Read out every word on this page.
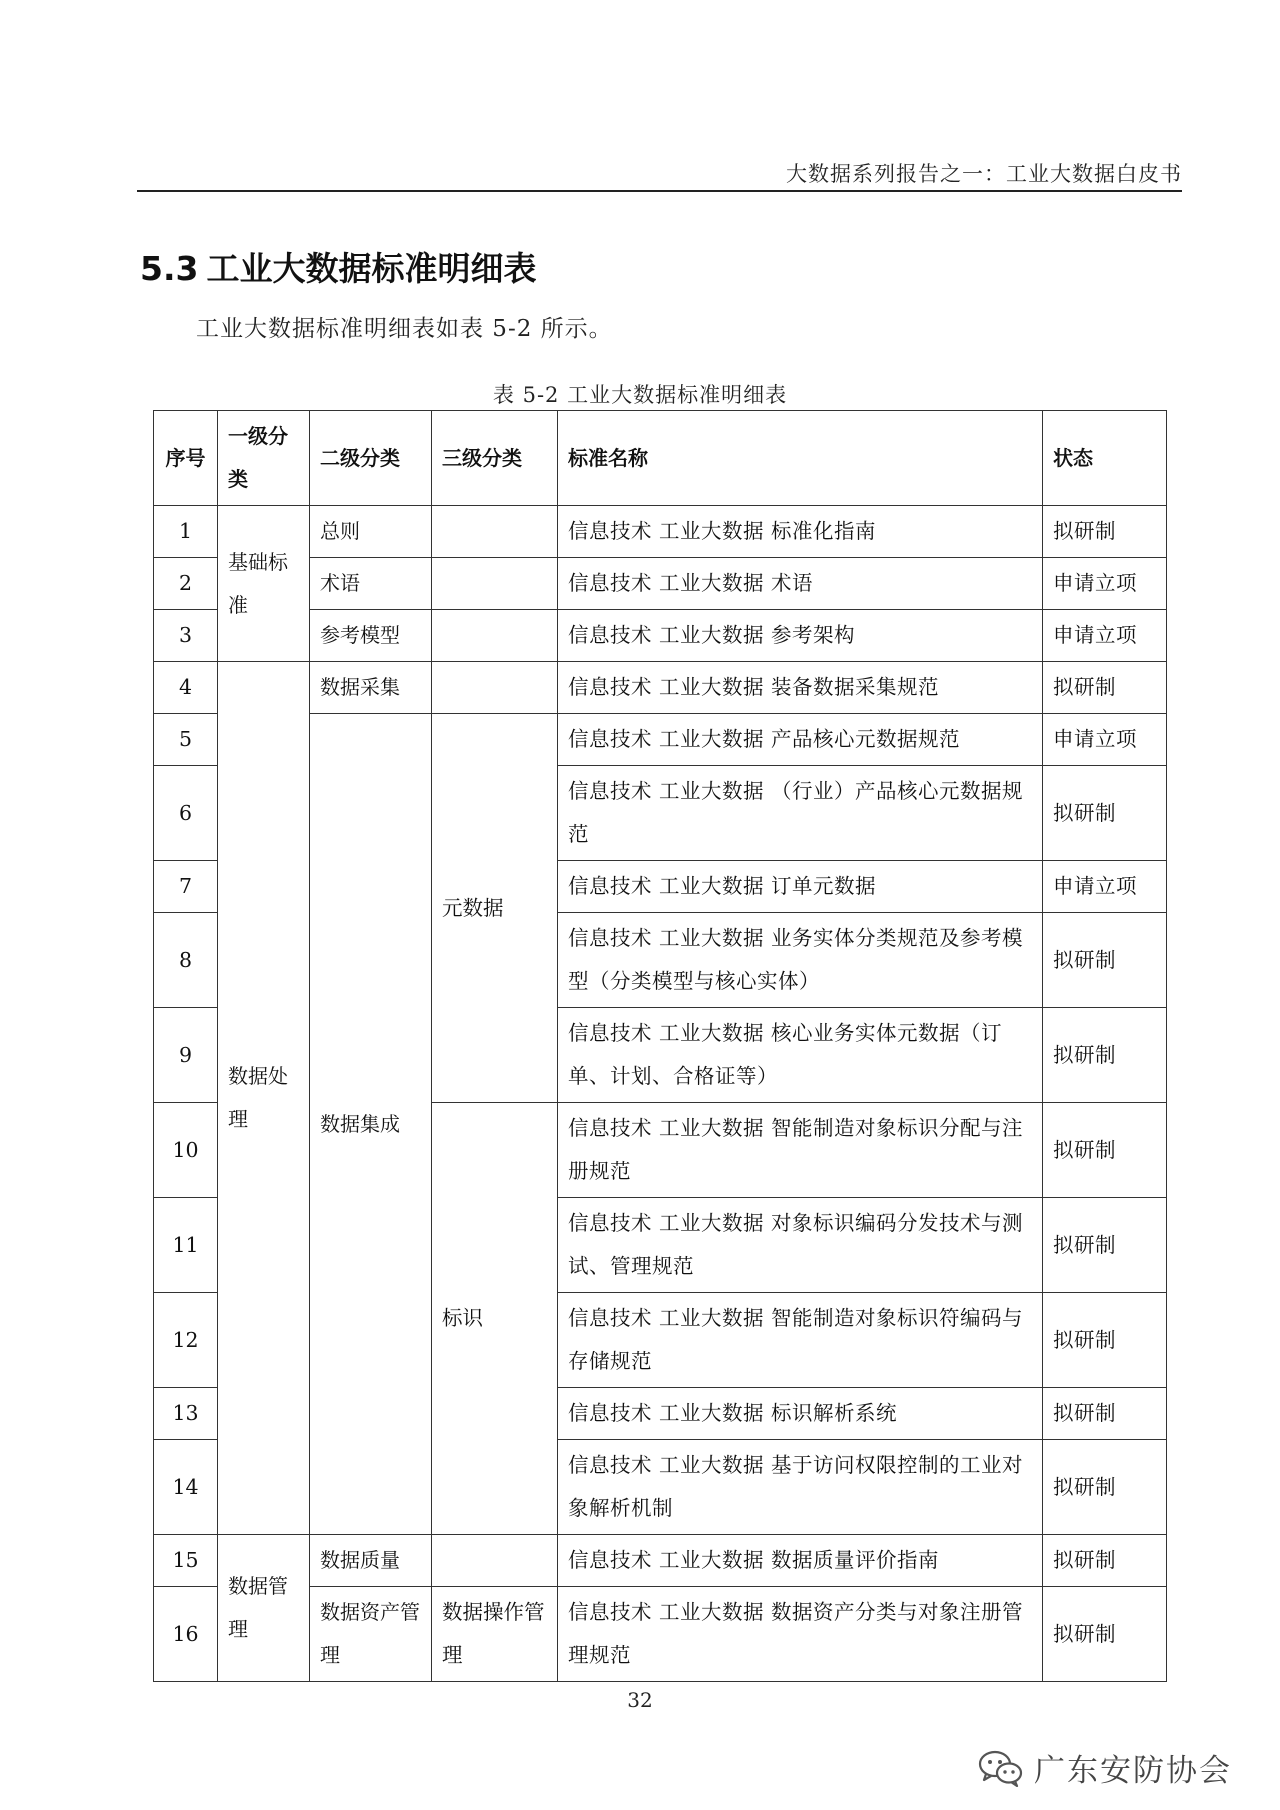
大数据系列报告之一：工业大数据白皮书
5.3 工业大数据标准明细表
工业大数据标准明细表如表 5-2 所示。
表 5-2 工业大数据标准明细表
序号	一级分类	二级分类	三级分类	标准名称	状态
1	基础标准	总则		信息技术 工业大数据 标准化指南	拟研制
2		术语		信息技术 工业大数据 术语	申请立项
3		参考模型		信息技术 工业大数据 参考架构	申请立项
4	数据处理	数据采集		信息技术 工业大数据 装备数据采集规范	拟研制
5		数据集成	元数据	信息技术 工业大数据 产品核心元数据规范	申请立项
6				信息技术 工业大数据 （行业）产品核心元数据规范	拟研制
7				信息技术 工业大数据 订单元数据	申请立项
8				信息技术 工业大数据 业务实体分类规范及参考模型（分类模型与核心实体）	拟研制
9				信息技术 工业大数据 核心业务实体元数据（订单、计划、合格证等）	拟研制
10			标识	信息技术 工业大数据 智能制造对象标识分配与注册规范	拟研制
11				信息技术 工业大数据 对象标识编码分发技术与测试、管理规范	拟研制
12				信息技术 工业大数据 智能制造对象标识符编码与存储规范	拟研制
13				信息技术 工业大数据 标识解析系统	拟研制
14				信息技术 工业大数据 基于访问权限控制的工业对象解析机制	拟研制
15	数据管理	数据质量		信息技术 工业大数据 数据质量评价指南	拟研制
16		数据资产管理	数据操作管理	信息技术 工业大数据 数据资产分类与对象注册管理规范	拟研制
32
广东安防协会
